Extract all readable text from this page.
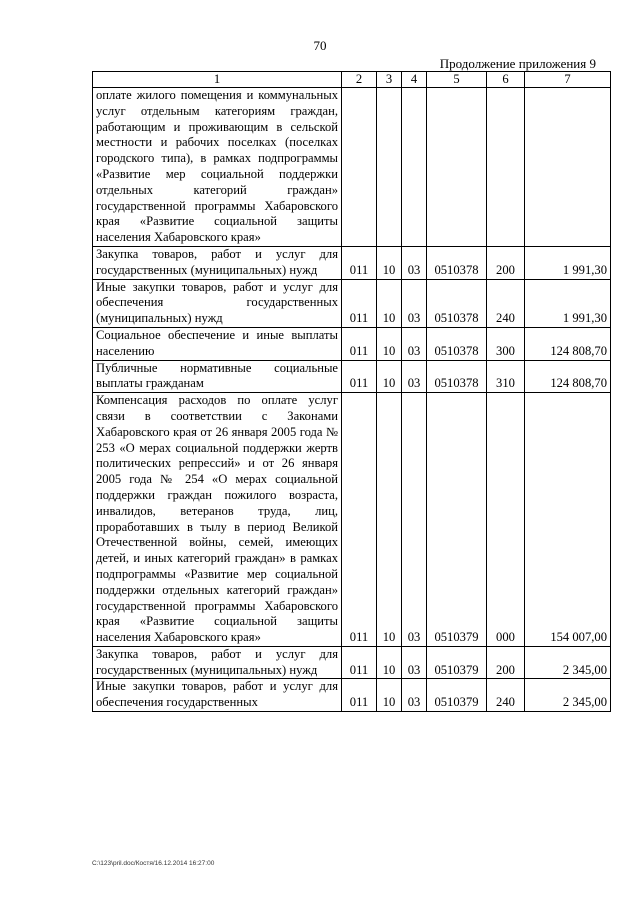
70
Продолжение приложения 9
1	2	3	4	5	6	7
оплате жилого помещения и коммунальных услуг отдельным категориям граждан, работающим и проживающим в сельской местности и рабочих поселках (поселках городского типа), в рамках подпрограммы «Развитие мер социальной поддержки отдельных категорий граждан» государственной программы Хабаровского края «Развитие социальной защиты населения Хабаровского края»						
Закупка товаров, работ и услуг для государственных (муниципальных) нужд	011	10	03	0510378	200	1 991,30
Иные закупки товаров, работ и услуг для обеспечения государственных (муниципальных) нужд	011	10	03	0510378	240	1 991,30
Социальное обеспечение и иные выплаты населению	011	10	03	0510378	300	124 808,70
Публичные нормативные социальные выплаты гражданам	011	10	03	0510378	310	124 808,70
Компенсация расходов по оплате услуг связи в соответствии с Законами Хабаровского края от 26 января 2005 года № 253 «О мерах социальной поддержки жертв политических репрессий» и от 26 января 2005 года № 254 «О мерах социальной поддержки граждан пожилого возраста, инвалидов, ветеранов труда, лиц, проработавших в тылу в период Великой Отечественной войны, семей, имеющих детей, и иных категорий граждан» в рамках подпрограммы «Развитие мер социальной поддержки отдельных категорий граждан» государственной программы Хабаровского края «Развитие социальной защиты населения Хабаровского края»	011	10	03	0510379	000	154 007,00
Закупка товаров, работ и услуг для государственных (муниципальных) нужд	011	10	03	0510379	200	2 345,00
Иные закупки товаров, работ и услуг для обеспечения государственных	011	10	03	0510379	240	2 345,00
C:\123\pril.doc/Костя/16.12.2014 16:27:00
